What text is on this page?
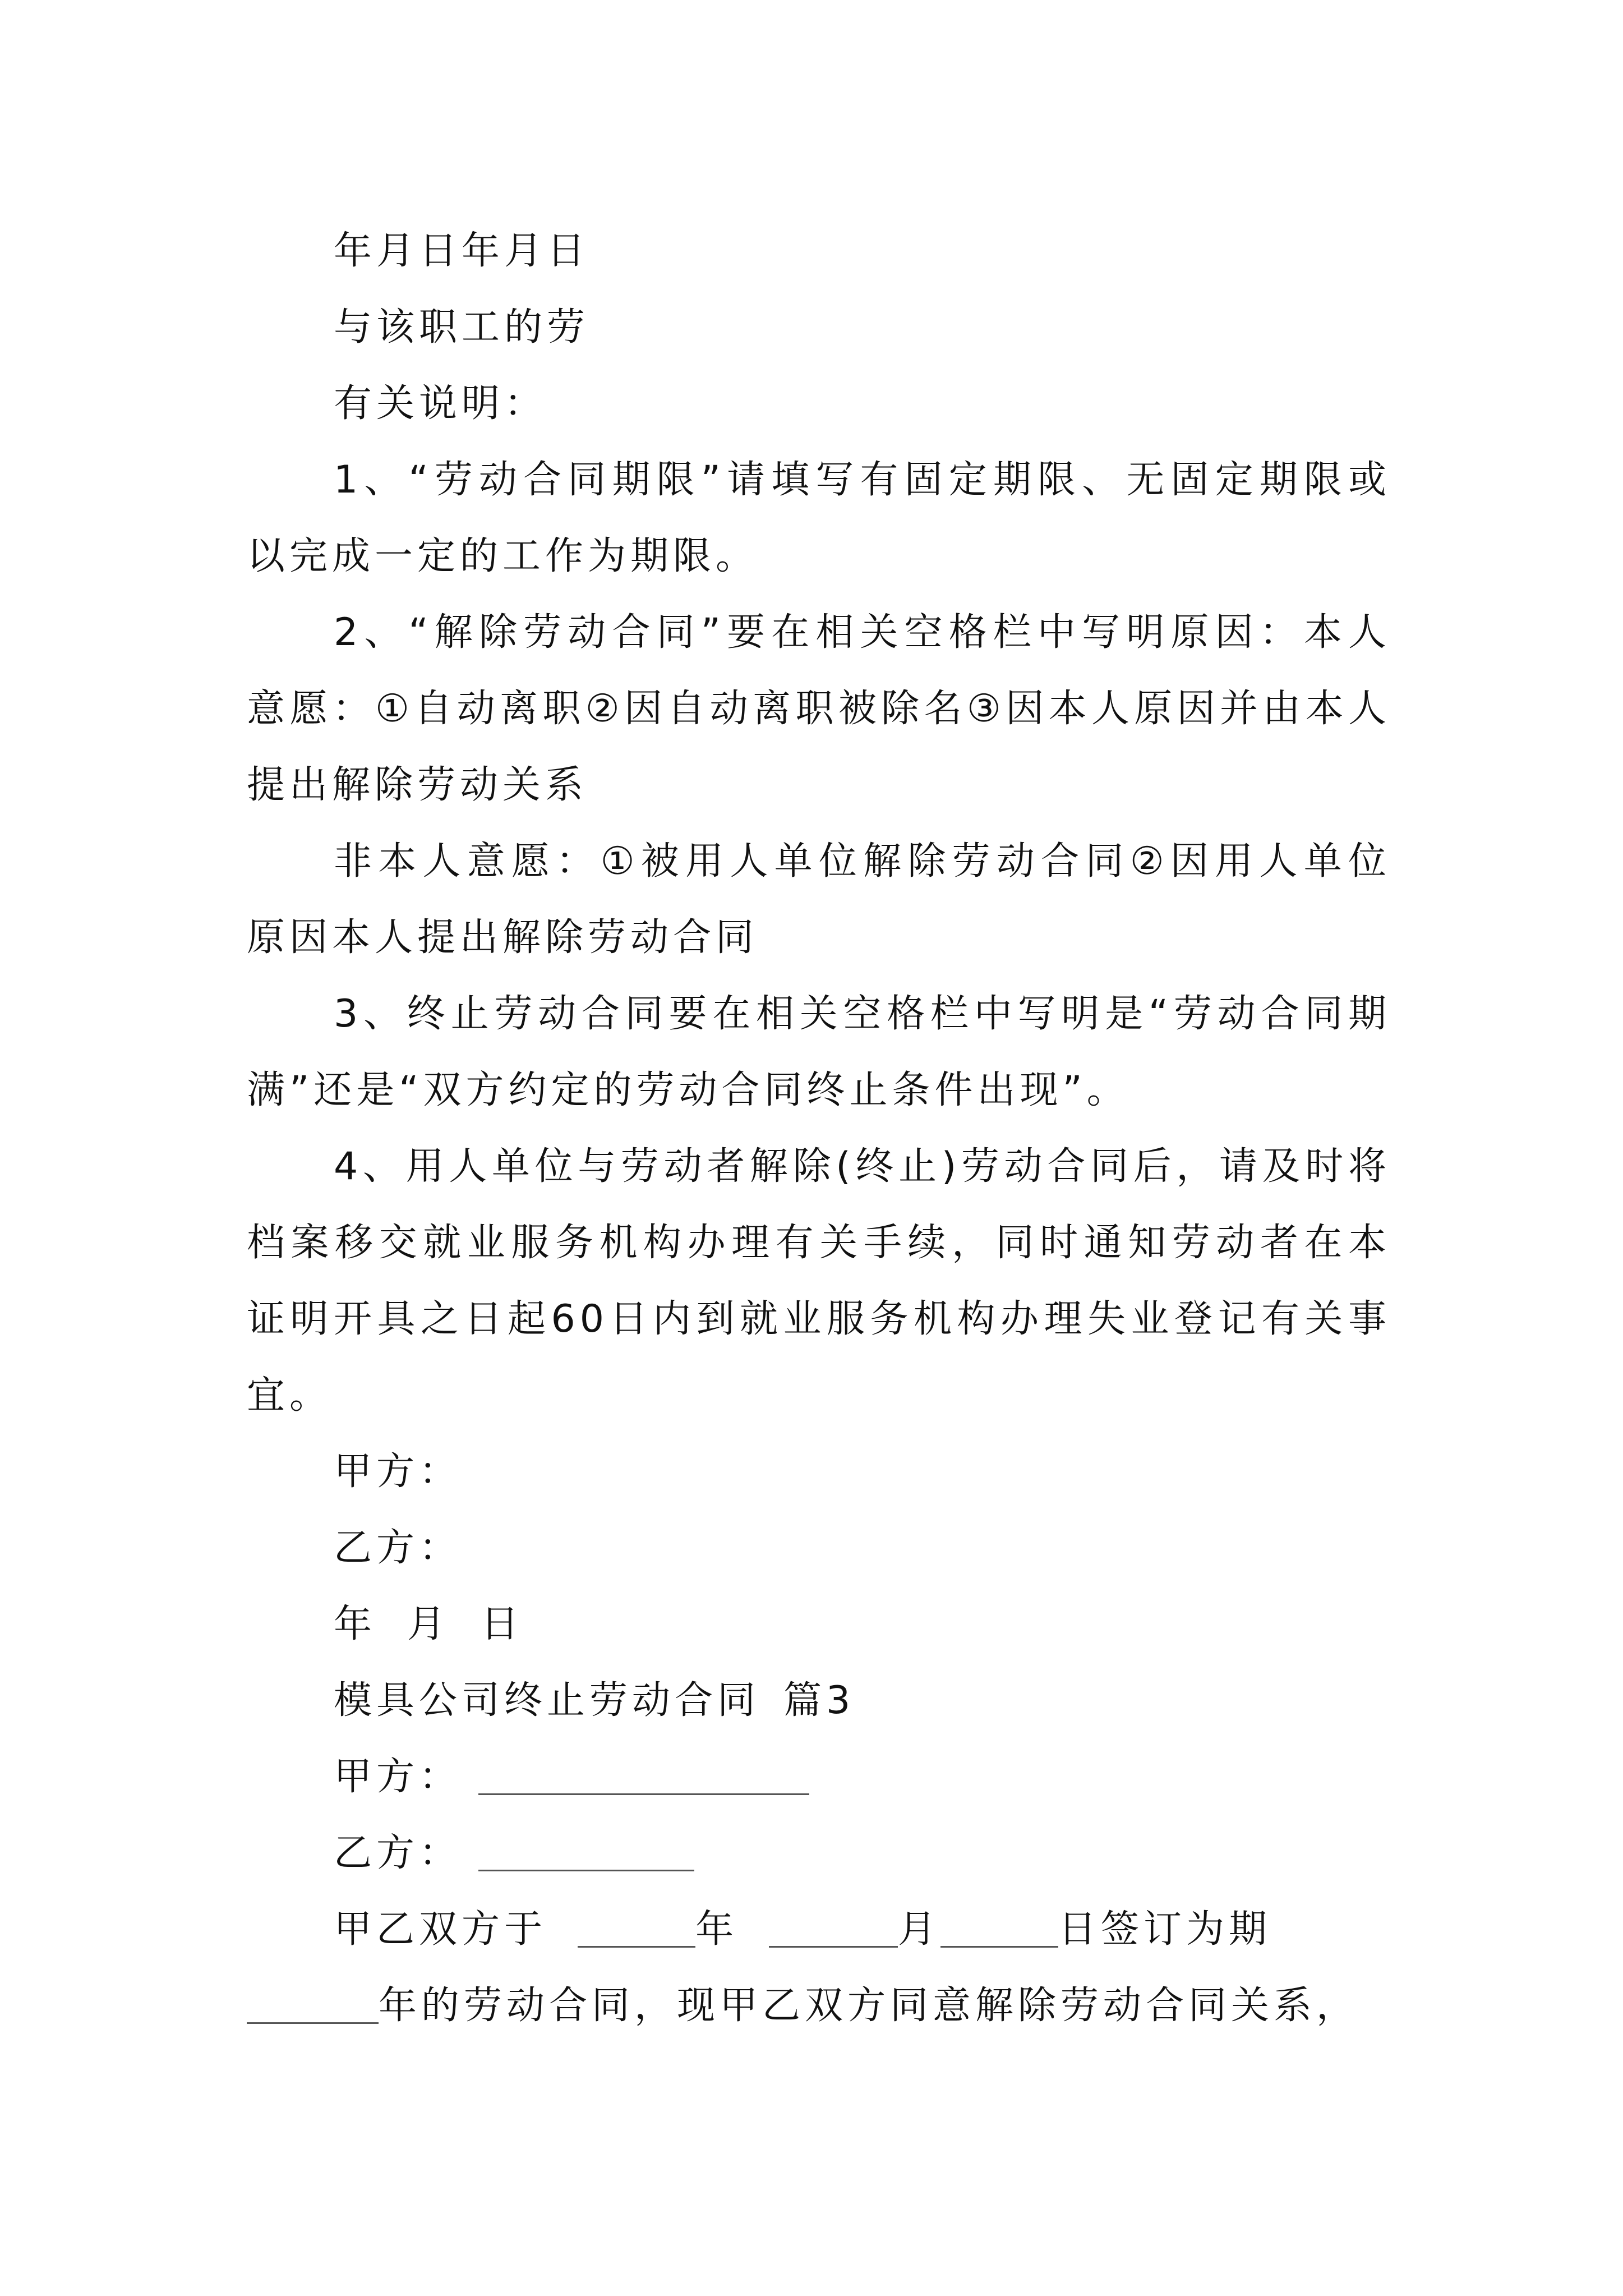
年月日年月日
与该职工的劳
有关说明：
1、“劳动合同期限”请填写有固定期限、无固定期限或以完成一定的工作为期限。
2、“解除劳动合同”要在相关空格栏中写明原因：本人意愿：①自动离职②因自动离职被除名③因本人原因并由本人提出解除劳动关系
非本人意愿：①被用人单位解除劳动合同②因用人单位原因本人提出解除劳动合同
3、终止劳动合同要在相关空格栏中写明是“劳动合同期满”还是“双方约定的劳动合同终止条件出现”。
4、用人单位与劳动者解除(终止)劳动合同后，请及时将档案移交就业服务机构办理有关手续，同时通知劳动者在本证明开具之日起60日内到就业服务机构办理失业登记有关事宜。
甲方：
乙方：
年 月 日
模具公司终止劳动合同 篇3
甲方：
乙方：
甲乙双方于	年	月	日签订为期
年的劳动合同，现甲乙双方同意解除劳动合同关系，
